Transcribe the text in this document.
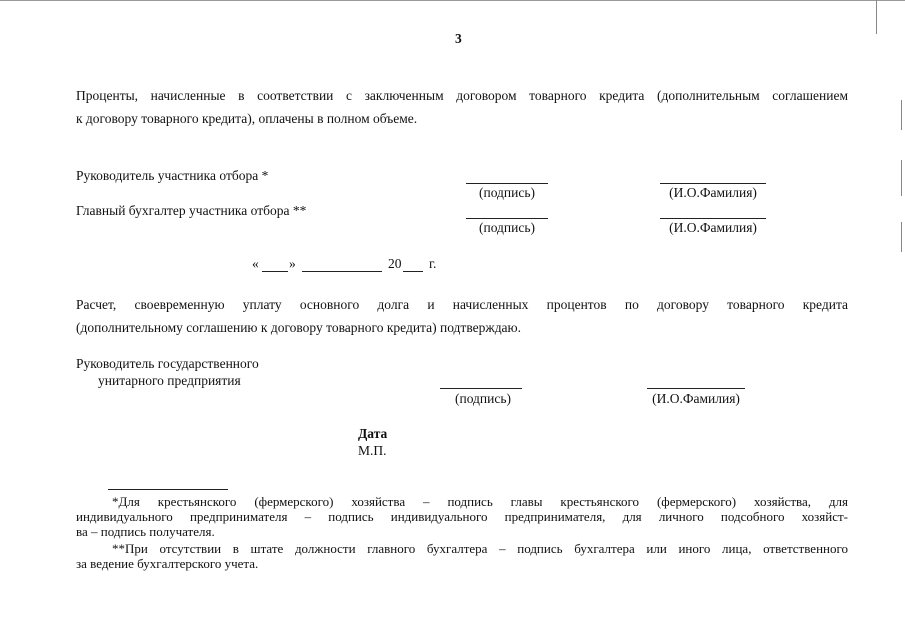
3
Проценты, начисленные в соответствии с заключенным договором товарного кредита (дополнительным соглашением
к договору товарного кредита), оплачены в полном объеме.
Руководитель участника отбора *
(подпись)	(И.О.Фамилия)
Главный бухгалтер участника отбора **
(подпись)	(И.О.Фамилия)
« »	20 г.
Расчет, своевременную уплату основного долга и начисленных процентов по договору товарного кредита
(дополнительному соглашению к договору товарного кредита) подтверждаю.
Руководитель государственного
унитарного предприятия
(подпись)	(И.О.Фамилия)
Дата
М.П.
*Для крестьянского (фермерского) хозяйства – подпись главы крестьянского (фермерского) хозяйства, для
индивидуального предпринимателя – подпись индивидуального предпринимателя, для личного подсобного хозяйст-
ва – подпись получателя.
**При отсутствии в штате должности главного бухгалтера – подпись бухгалтера или иного лица, ответственного
за ведение бухгалтерского учета.
